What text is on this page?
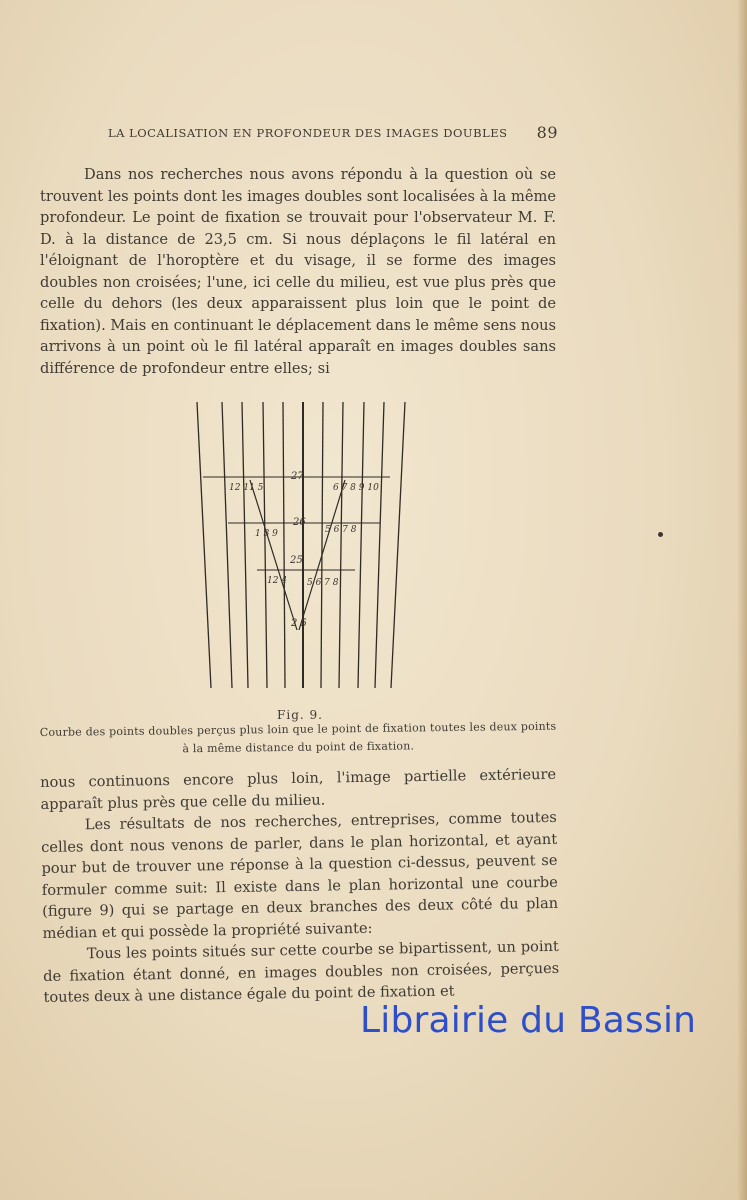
LA LOCALISATION EN PROFONDEUR DES IMAGES DOUBLES 89

Dans nos recherches nous avons répondu à la question où se trouvent les points dont les images doubles sont localisées à la même profondeur. Le point de fixation se trouvait pour l'observateur M. F. D. à la distance de 23,5 cm. Si nous déplaçons le fil latéral en l'éloignant de l'horoptère et du visage, il se forme des images doubles non croisées; l'une, ici celle du milieu, est vue plus près que celle du dehors (les deux apparaissent plus loin que le point de fixation). Mais en continuant le déplacement dans le même sens nous arrivons à un point où le fil latéral apparaît en images doubles sans différence de profondeur entre elles; si

12 11 5
27
6 7 8 9 10
1 3 9
26
5 6 7 8
25
12 4 5 6 7 8
2 5
Fig. 9.
Courbe des points doubles perçus plus loin que le point de fixation toutes les deux points à la même distance du point de fixation.

nous continuons encore plus loin, l'image partielle extérieure apparaît plus près que celle du milieu.

Les résultats de nos recherches, entreprises, comme toutes celles dont nous venons de parler, dans le plan horizontal, et ayant pour but de trouver une réponse à la question ci-dessus, peuvent se formuler comme suit: Il existe dans le plan horizontal une courbe (figure 9) qui se partage en deux branches des deux côté du plan médian et qui possède la propriété suivante:

Tous les points situés sur cette courbe se bipartissent, un point de fixation étant donné, en images doubles non croisées, perçues toutes deux à une distance égale du point de fixation et

Librairie du Bassin
